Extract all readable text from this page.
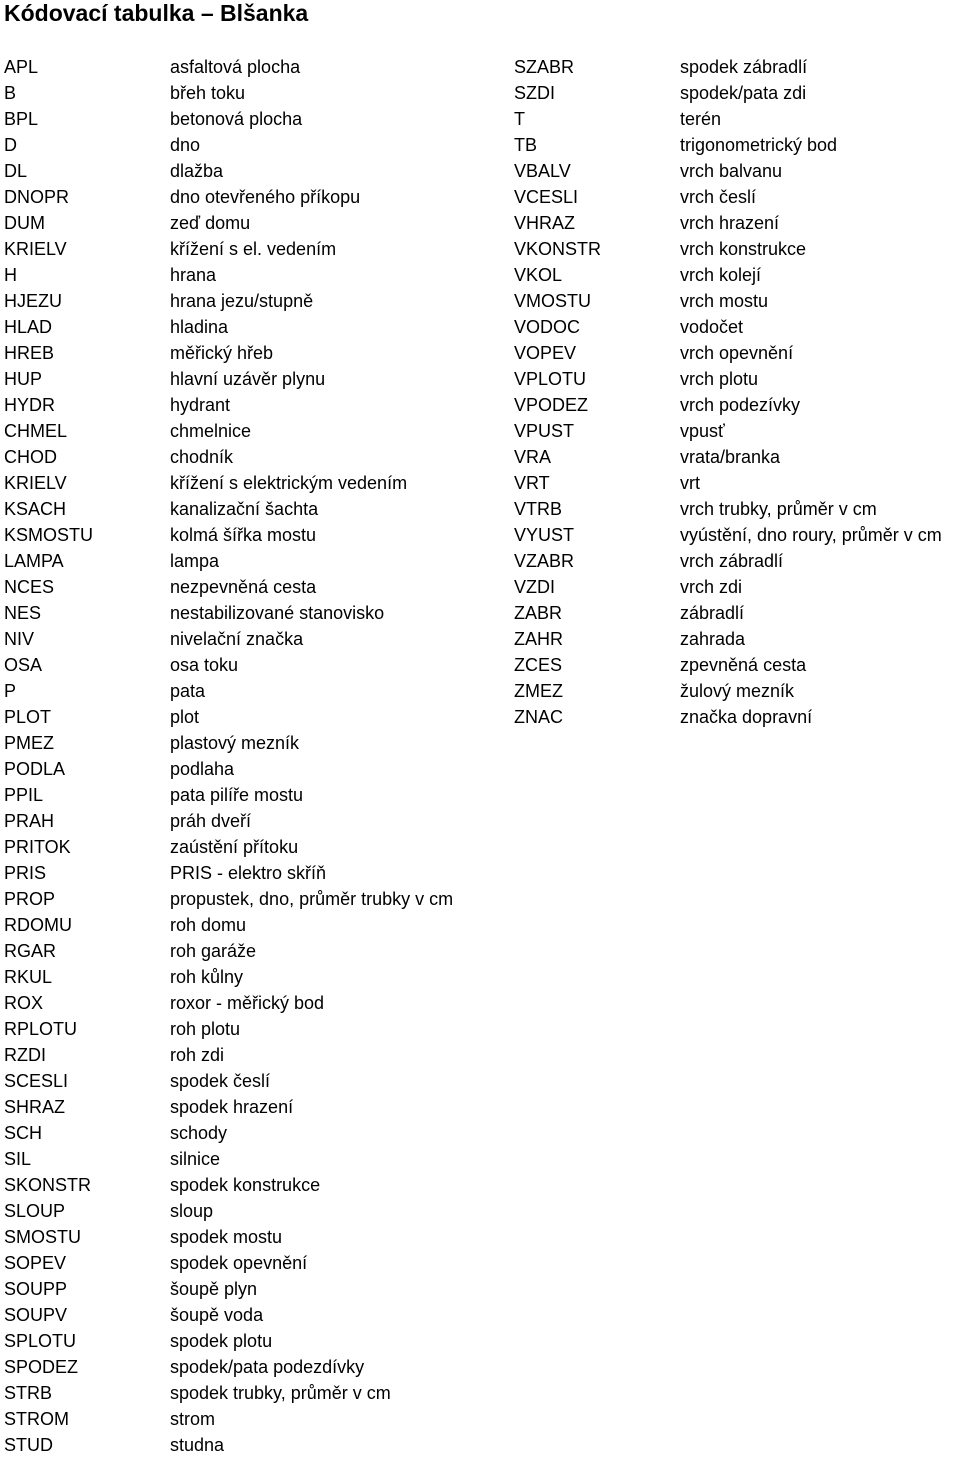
Kódovací tabulka – Blšanka
APL	asfaltová plocha	SZABR	spodek zábradlí
B	břeh toku	SZDI	spodek/pata zdi
BPL	betonová plocha	T	terén
D	dno	TB	trigonometrický bod
DL	dlažba	VBALV	vrch balvanu
DNOPR	dno otevřeného příkopu	VCESLI	vrch česlí
DUM	zeď domu	VHRAZ	vrch hrazení
KRIELV	křížení s el. vedením	VKONSTR	vrch konstrukce
H	hrana	VKOL	vrch kolejí
HJEZU	hrana jezu/stupně	VMOSTU	vrch mostu
HLAD	hladina	VODOC	vodočet
HREB	měřický hřeb	VOPEV	vrch opevnění
HUP	hlavní uzávěr plynu	VPLOTU	vrch plotu
HYDR	hydrant	VPODEZ	vrch podezívky
CHMEL	chmelnice	VPUST	vpusť
CHOD	chodník	VRA	vrata/branka
KRIELV	křížení s elektrickým vedením	VRT	vrt
KSACH	kanalizační šachta	VTRB	vrch trubky, průměr v cm
KSMOSTU	kolmá šířka mostu	VYUST	vyústění, dno roury, průměr v cm
LAMPA	lampa	VZABR	vrch zábradlí
NCES	nezpevněná cesta	VZDI	vrch zdi
NES	nestabilizované stanovisko	ZABR	zábradlí
NIV	nivelační značka	ZAHR	zahrada
OSA	osa toku	ZCES	zpevněná cesta
P	pata	ZMEZ	žulový mezník
PLOT	plot	ZNAC	značka dopravní
PMEZ	plastový mezník
PODLA	podlaha
PPIL	pata pilíře mostu
PRAH	práh dveří
PRITOK	zaústění přítoku
PRIS	PRIS - elektro skříň
PROP	propustek, dno, průměr trubky v cm
RDOMU	roh domu
RGAR	roh garáže
RKUL	roh kůlny
ROX	roxor - měřický bod
RPLOTU	roh plotu
RZDI	roh zdi
SCESLI	spodek česlí
SHRAZ	spodek hrazení
SCH	schody
SIL	silnice
SKONSTR	spodek konstrukce
SLOUP	sloup
SMOSTU	spodek mostu
SOPEV	spodek opevnění
SOUPP	šoupě plyn
SOUPV	šoupě voda
SPLOTU	spodek plotu
SPODEZ	spodek/pata podezdívky
STRB	spodek trubky, průměr v cm
STROM	strom
STUD	studna
